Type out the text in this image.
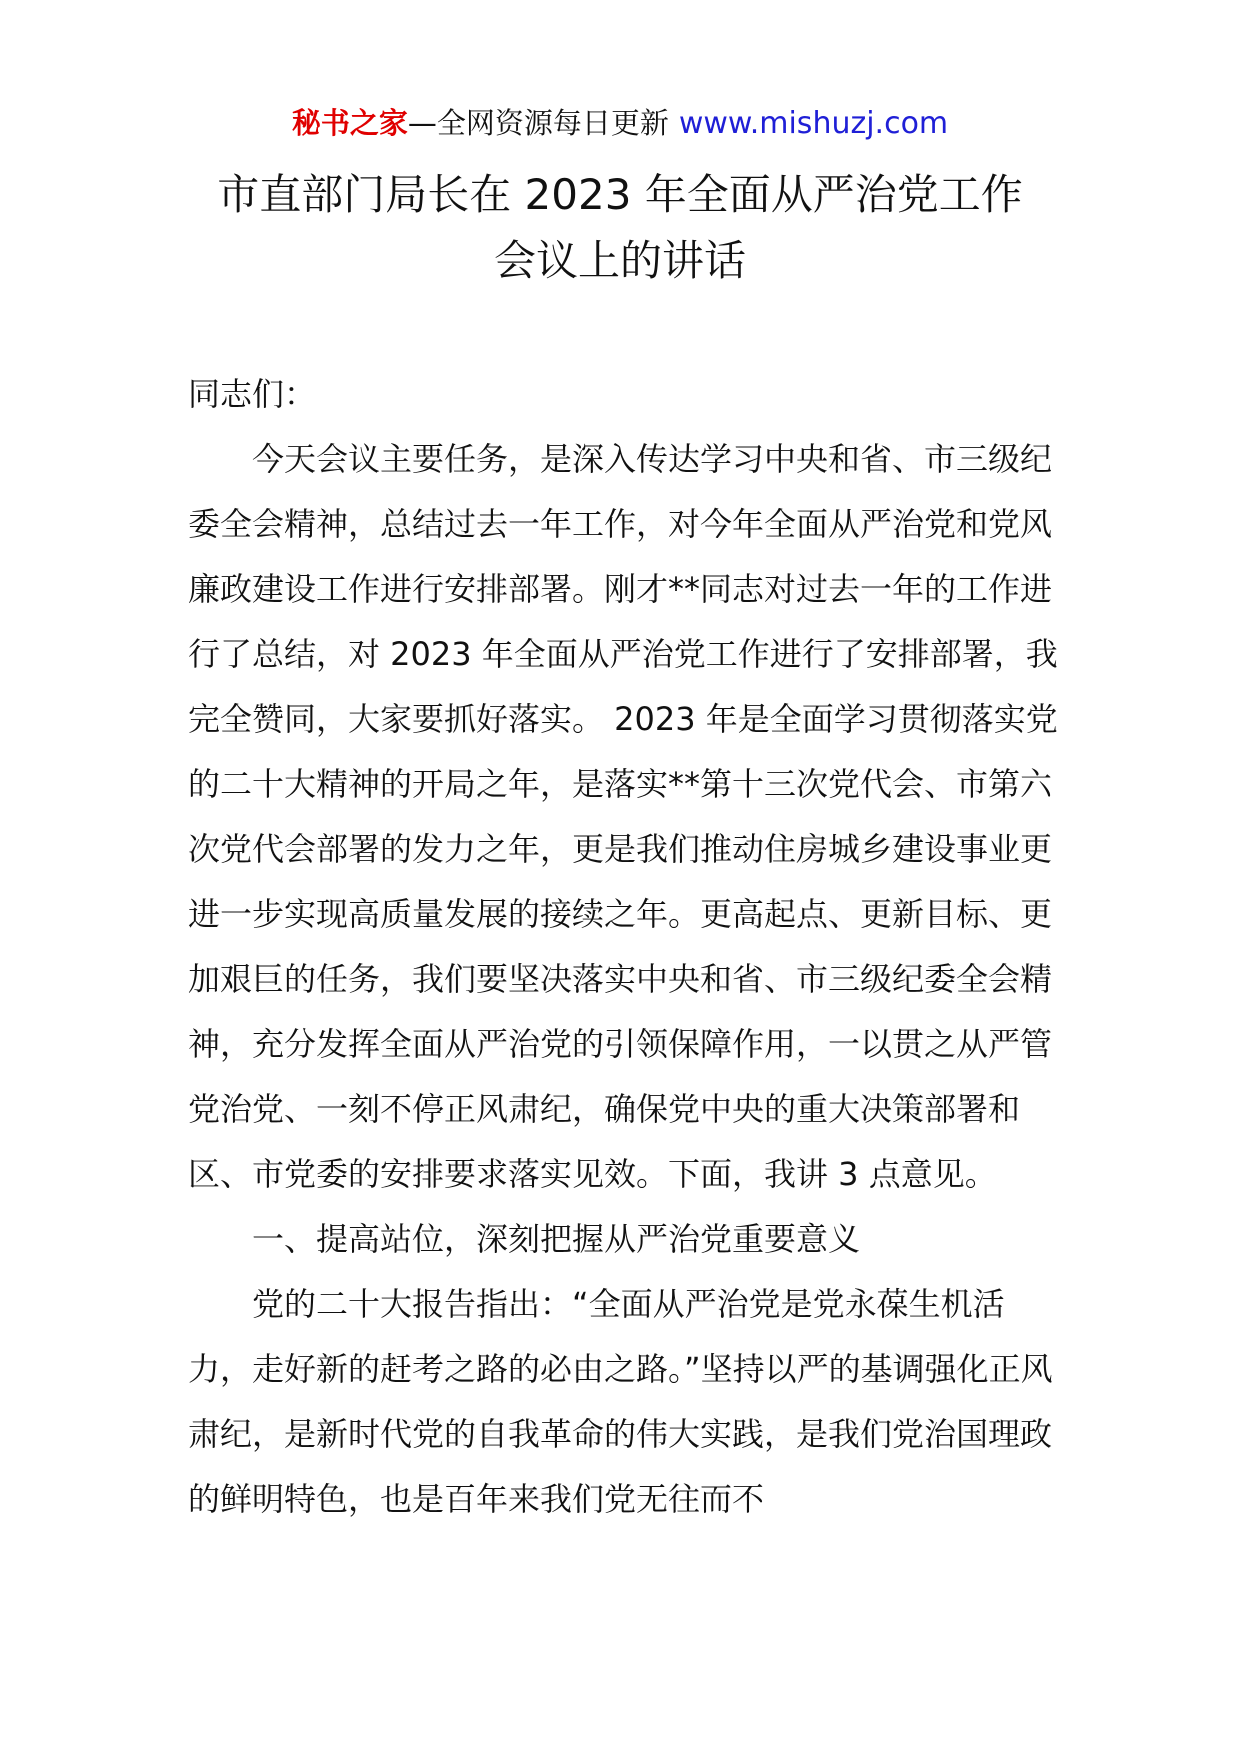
秘书之家—全网资源每日更新 www.mishuzj.com
市直部门局长在 2023 年全面从严治党工作
会议上的讲话

同志们：

今天会议主要任务，是深入传达学习中央和省、市三级纪委全会精神，总结过去一年工作，对今年全面从严治党和党风廉政建设工作进行安排部署。刚才**同志对过去一年的工作进行了总结，对 2023 年全面从严治党工作进行了安排部署，我完全赞同，大家要抓好落实。 2023 年是全面学习贯彻落实党的二十大精神的开局之年，是落实**第十三次党代会、市第六次党代会部署的发力之年，更是我们推动住房城乡建设事业更进一步实现高质量发展的接续之年。更高起点、更新目标、更加艰巨的任务，我们要坚决落实中央和省、市三级纪委全会精神，充分发挥全面从严治党的引领保障作用，一以贯之从严管党治党、一刻不停正风肃纪，确保党中央的重大决策部署和区、市党委的安排要求落实见效。下面，我讲 3 点意见。

一、提高站位，深刻把握从严治党重要意义

党的二十大报告指出：“全面从严治党是党永葆生机活力，走好新的赶考之路的必由之路。”坚持以严的基调强化正风肃纪，是新时代党的自我革命的伟大实践，是我们党治国理政的鲜明特色，也是百年来我们党无往而不
